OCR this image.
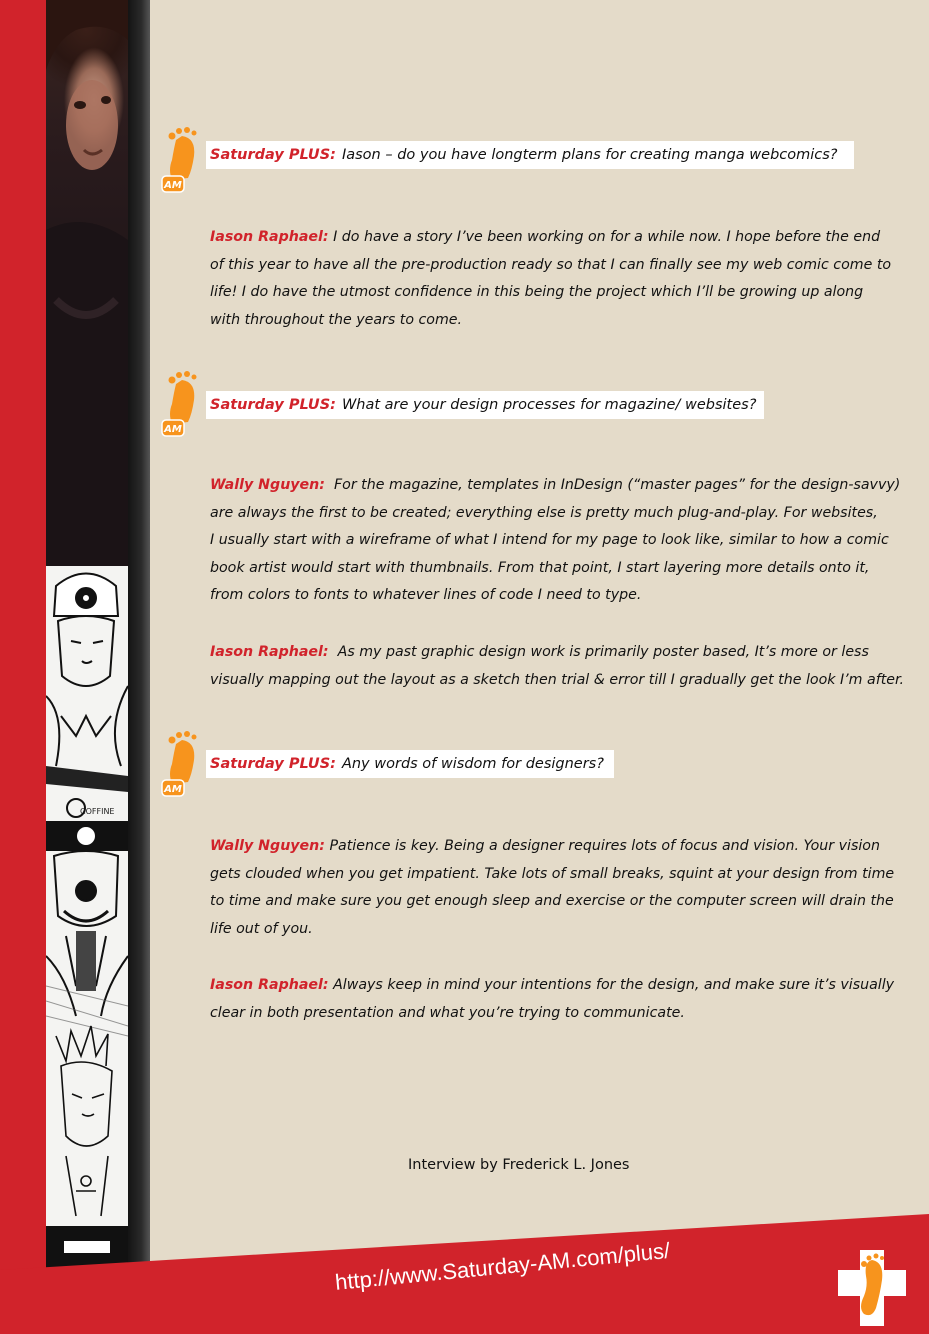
COFFINE
http://www.Saturday-AM.com/plus/
AM
Saturday PLUS: Iason – do you have longterm plans for creating manga webcomics?
Iason Raphael: I do have a story I’ve been working on for a while now. I hope before the end
of this year to have all the pre-production ready so that I can finally see my web comic come to
life! I do have the utmost confidence in this being the project which I’ll be growing up along
with throughout the years to come.
AM
Saturday PLUS: What are your design processes for magazine/ websites?
Wally Nguyen: For the magazine, templates in InDesign (“master pages” for the design-savvy)
are always the first to be created; everything else is pretty much plug-and-play. For websites,
I usually start with a wireframe of what I intend for my page to look like, similar to how a comic
book artist would start with thumbnails. From that point, I start layering more details onto it,
from colors to fonts to whatever lines of code I need to type.
Iason Raphael: As my past graphic design work is primarily poster based, It’s more or less
visually mapping out the layout as a sketch then trial & error till I gradually get the look I’m after.
AM
Saturday PLUS: Any words of wisdom for designers?
Wally Nguyen: Patience is key. Being a designer requires lots of focus and vision. Your vision
gets clouded when you get impatient. Take lots of small breaks, squint at your design from time
to time and make sure you get enough sleep and exercise or the computer screen will drain the
life out of you.
Iason Raphael: Always keep in mind your intentions for the design, and make sure it’s visually
clear in both presentation and what you’re trying to communicate.
Interview by Frederick L. Jones
